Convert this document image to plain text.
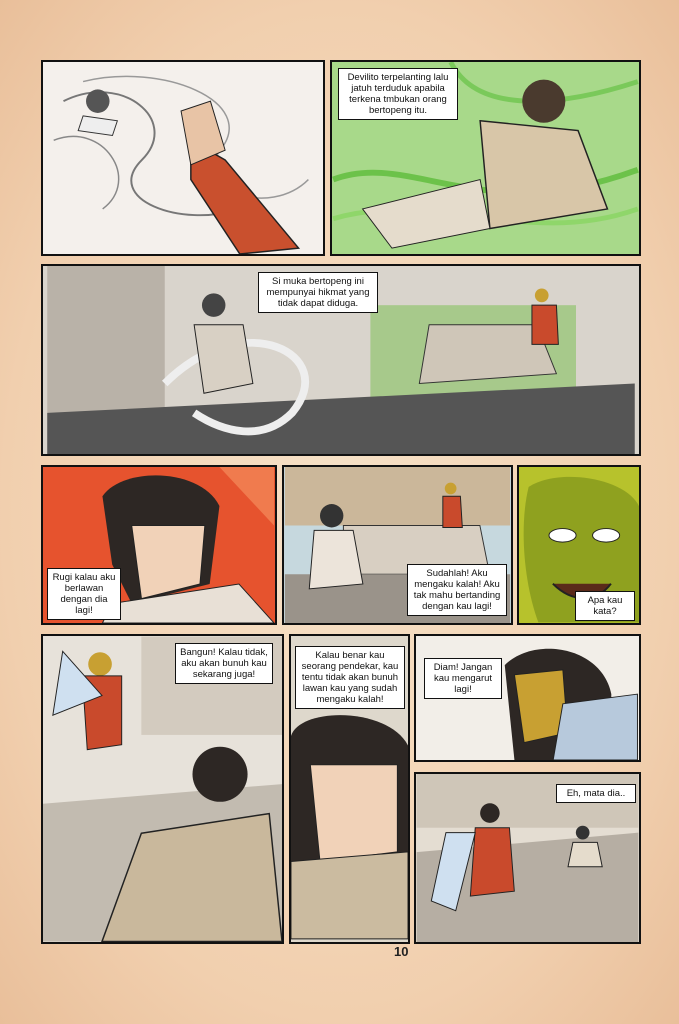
Devilito terpelanting lalu jatuh terduduk apabila terkena tmbukan orang bertopeng itu.
Si muka bertopeng ini mempunyai hikmat yang tidak dapat diduga.
Rugi kalau aku berlawan dengan dia lagi!
Sudahlah! Aku mengaku kalah! Aku tak mahu bertanding dengan kau lagi!
Apa kau kata?
Bangun! Kalau tidak, aku akan bunuh kau sekarang juga!
Kalau benar kau seorang pendekar, kau tentu tidak akan bunuh lawan kau yang sudah mengaku kalah!
Diam! Jangan kau mengarut lagi!
Eh, mata dia..
10
